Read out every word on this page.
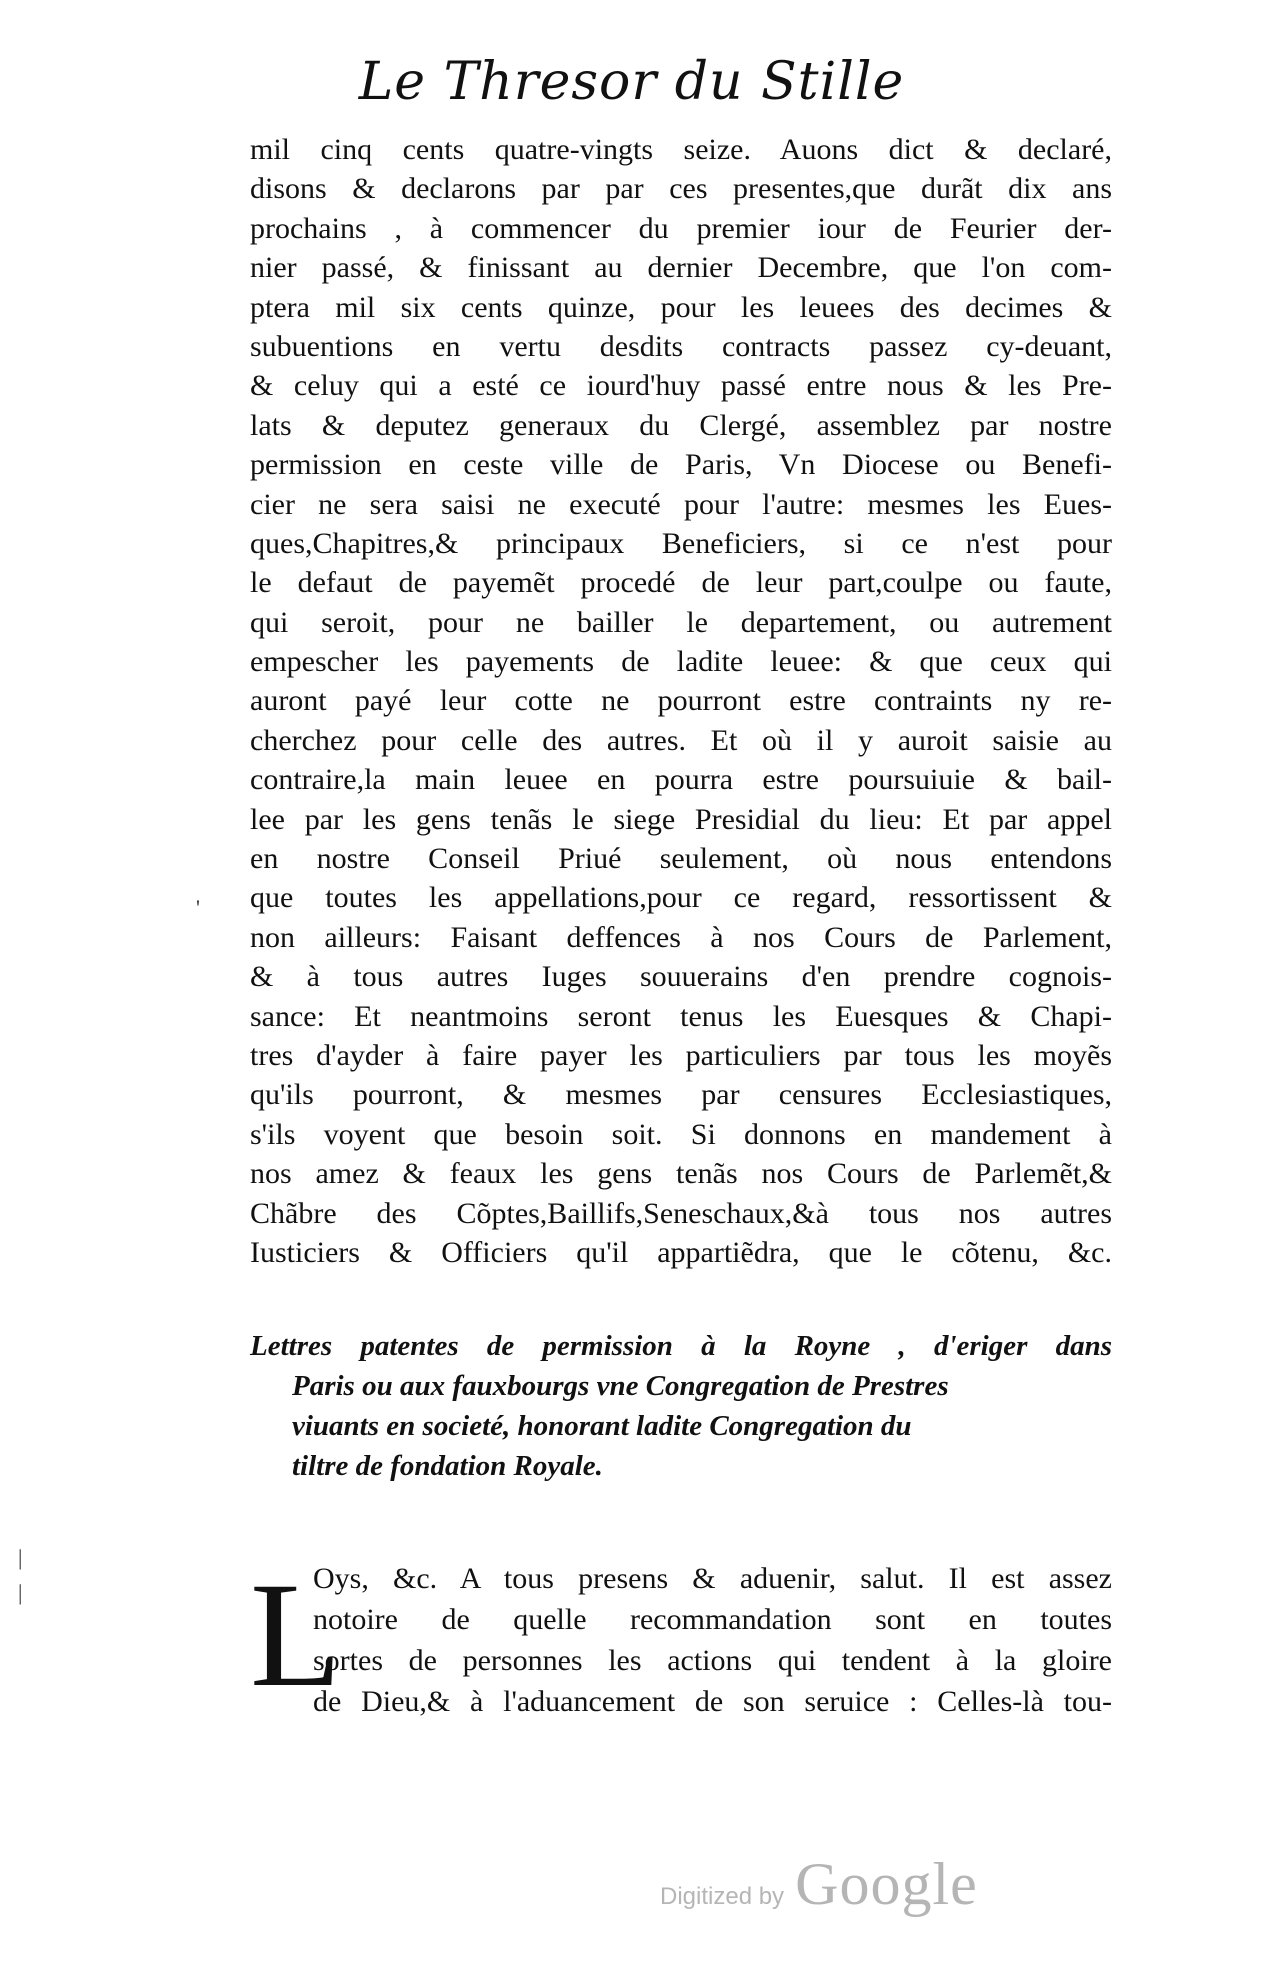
Le Thresor du Stille
mil cinq cents quatre-vingts seize. Auons dict & declaré,
disons & declarons par par ces presentes,que durãt dix ans
prochains , à commencer du premier iour de Feurier der-
nier passé, & finissant au dernier Decembre, que l'on com-
ptera mil six cents quinze, pour les leuees des decimes &
subuentions en vertu desdits contracts passez cy-deuant,
& celuy qui a esté ce iourd'huy passé entre nous & les Pre-
lats & deputez generaux du Clergé, assemblez par nostre
permission en ceste ville de Paris, Vn Diocese ou Benefi-
cier ne sera saisi ne executé pour l'autre: mesmes les Eues-
ques,Chapitres,& principaux Beneficiers, si ce n'est pour
le defaut de payemẽt procedé de leur part,coulpe ou faute,
qui seroit, pour ne bailler le departement, ou autrement
empescher les payements de ladite leuee: & que ceux qui
auront payé leur cotte ne pourront estre contraints ny re-
cherchez pour celle des autres. Et où il y auroit saisie au
contraire,la main leuee en pourra estre poursuiuie & bail-
lee par les gens tenãs le siege Presidial du lieu: Et par appel
en nostre Conseil Priué seulement, où nous entendons
que toutes les appellations,pour ce regard, ressortissent &
non ailleurs: Faisant deffences à nos Cours de Parlement,
& à tous autres Iuges souuerains d'en prendre cognois-
sance: Et neantmoins seront tenus les Euesques & Chapi-
tres d'ayder à faire payer les particuliers par tous les moyẽs
qu'ils pourront, & mesmes par censures Ecclesiastiques,
s'ils voyent que besoin soit. Si donnons en mandement à
nos amez & feaux les gens tenãs nos Cours de Parlemẽt,&
Chãbre des Cõptes,Baillifs,Seneschaux,&à tous nos autres
Iusticiers & Officiers qu'il appartiẽdra, que le cõtenu, &c.
Lettres patentes de permission à la Royne , d'eriger dans
Paris ou aux fauxbourgs vne Congregation de Prestres
viuants en societé, honorant ladite Congregation du
tiltre de fondation Royale.
L
Oys, &c. A tous presens & aduenir, salut. Il est assez
notoire de quelle recommandation sont en toutes
sortes de personnes les actions qui tendent à la gloire
de Dieu,& à l'aduancement de son seruice : Celles-là tou-
'
|
|
Digitized by Google
